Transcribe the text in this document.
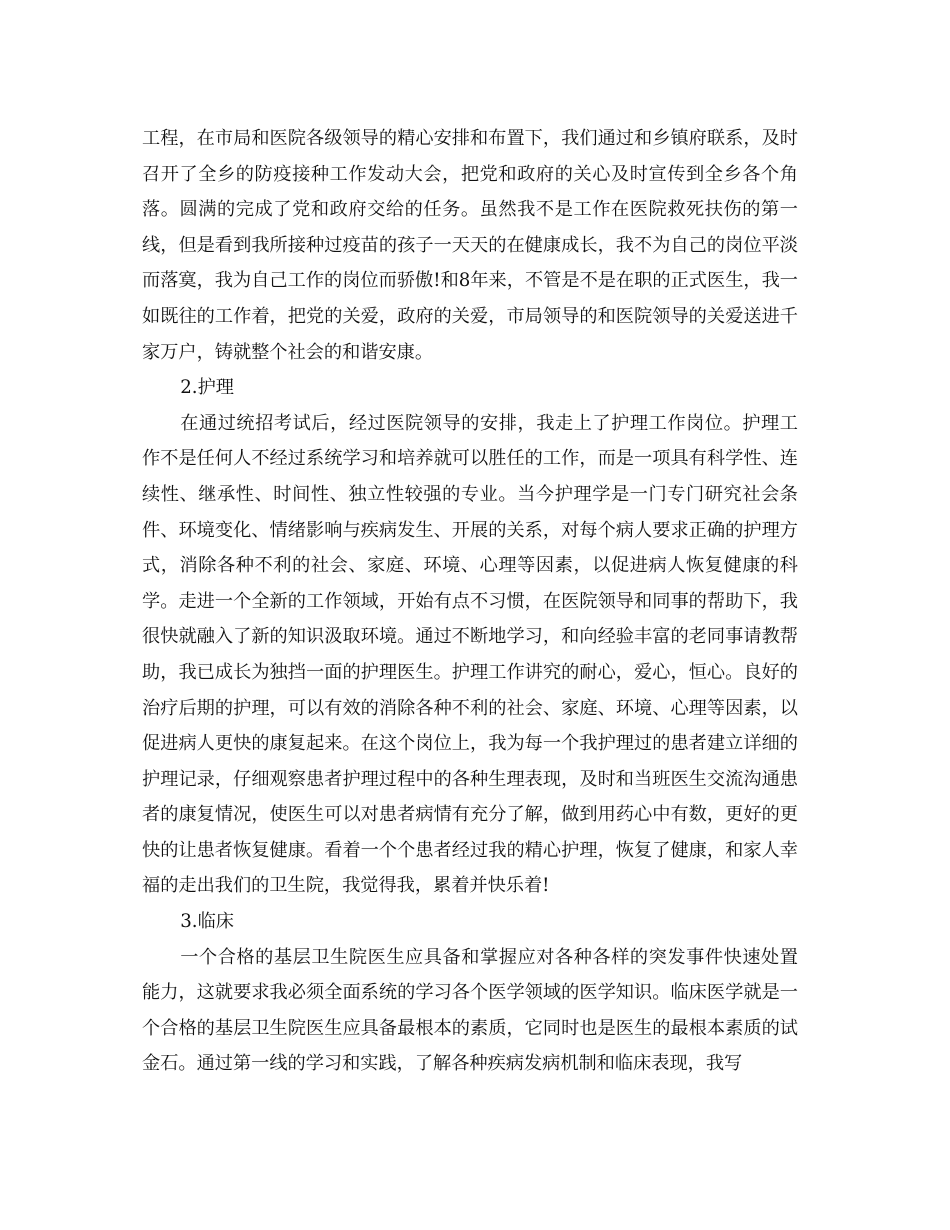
工程，在市局和医院各级领导的精心安排和布置下，我们通过和乡镇府联系，及时召开了全乡的防疫接种工作发动大会，把党和政府的关心及时宣传到全乡各个角落。圆满的完成了党和政府交给的任务。虽然我不是工作在医院救死扶伤的第一线，但是看到我所接种过疫苗的孩子一天天的在健康成长，我不为自己的岗位平淡而落寞，我为自己工作的岗位而骄傲!和8年来，不管是不是在职的正式医生，我一如既往的工作着，把党的关爱，政府的关爱，市局领导的和医院领导的关爱送进千家万户，铸就整个社会的和谐安康。

2.护理

在通过统招考试后，经过医院领导的安排，我走上了护理工作岗位。护理工作不是任何人不经过系统学习和培养就可以胜任的工作，而是一项具有科学性、连续性、继承性、时间性、独立性较强的专业。当今护理学是一门专门研究社会条件、环境变化、情绪影响与疾病发生、开展的关系，对每个病人要求正确的护理方式，消除各种不利的社会、家庭、环境、心理等因素，以促进病人恢复健康的科学。走进一个全新的工作领域，开始有点不习惯，在医院领导和同事的帮助下，我很快就融入了新的知识汲取环境。通过不断地学习，和向经验丰富的老同事请教帮助，我已成长为独挡一面的护理医生。护理工作讲究的耐心，爱心，恒心。良好的治疗后期的护理，可以有效的消除各种不利的社会、家庭、环境、心理等因素，以促进病人更快的康复起来。在这个岗位上，我为每一个我护理过的患者建立详细的护理记录，仔细观察患者护理过程中的各种生理表现，及时和当班医生交流沟通患者的康复情况，使医生可以对患者病情有充分了解，做到用药心中有数，更好的更快的让患者恢复健康。看着一个个患者经过我的精心护理，恢复了健康，和家人幸福的走出我们的卫生院，我觉得我，累着并快乐着!

3.临床

一个合格的基层卫生院医生应具备和掌握应对各种各样的突发事件快速处置能力，这就要求我必须全面系统的学习各个医学领域的医学知识。临床医学就是一个合格的基层卫生院医生应具备最根本的素质，它同时也是医生的最根本素质的试金石。通过第一线的学习和实践，了解各种疾病发病机制和临床表现，我写
